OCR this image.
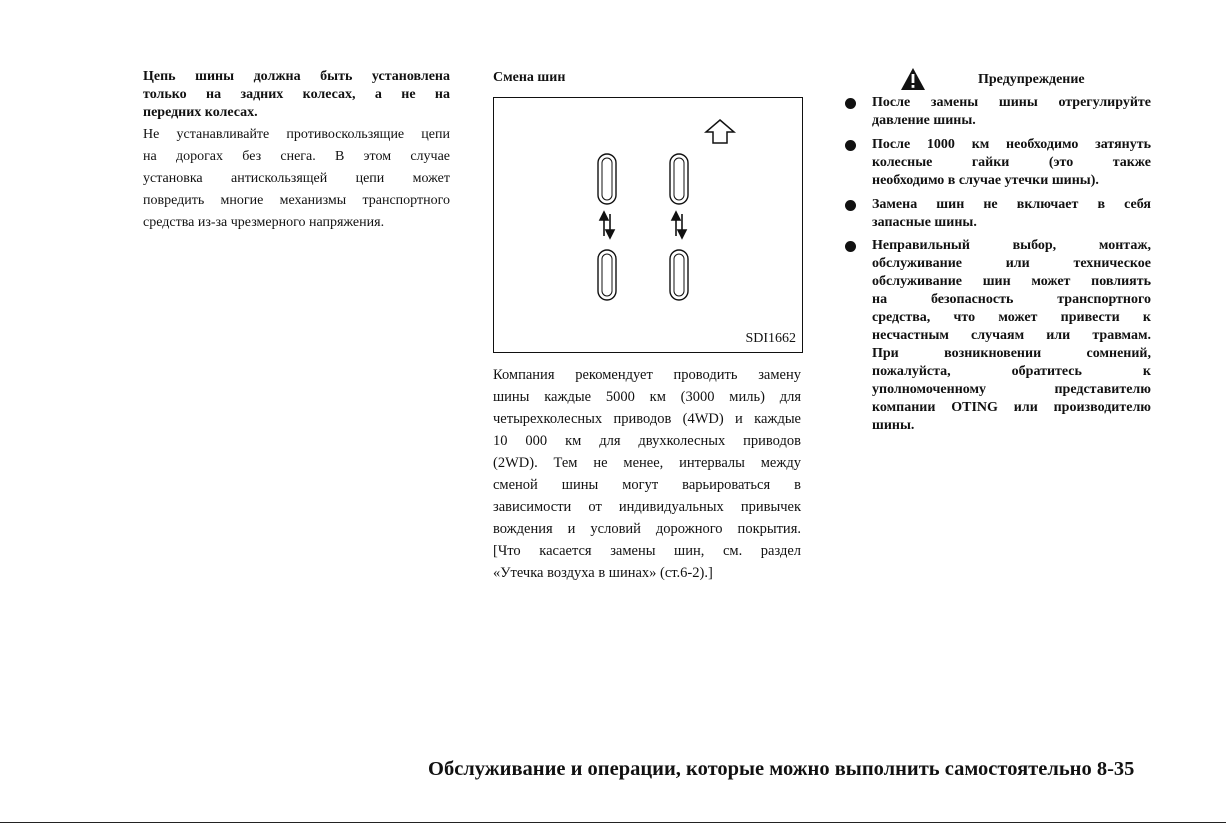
Цепь шины должна быть установлена
только на задних колесах, а не на
передних колесах.
Не устанавливайте противоскользящие цепи
на дорогах без снега. В этом случае
установка антискользящей цепи может
повредить многие механизмы транспортного
средства из-за чрезмерного напряжения.
Смена шин
SDI1662
Компания рекомендует проводить замену
шины каждые 5000 км (3000 миль) для
четырехколесных приводов (4WD) и каждые
10 000 км для двухколесных приводов
(2WD). Тем не менее, интервалы между
сменой шины могут варьироваться в
зависимости от индивидуальных привычек
вождения и условий дорожного покрытия.
[Что касается замены шин, см. раздел
«Утечка воздуха в шинах» (ст.6-2).]
Предупреждение
После замены шины отрегулируйте
давление шины.
После 1000 км необходимо затянуть
колесные гайки (это также
необходимо в случае утечки шины).
Замена шин не включает в себя
запасные шины.
Неправильный выбор, монтаж,
обслуживание или техническое
обслуживание шин может повлиять
на безопасность транспортного
средства, что может привести к
несчастным случаям или травмам.
При возникновении сомнений,
пожалуйста, обратитесь к
уполномоченному представителю
компании OTING или производителю
шины.
Обслуживание и операции, которые можно выполнить самостоятельно 8-35
